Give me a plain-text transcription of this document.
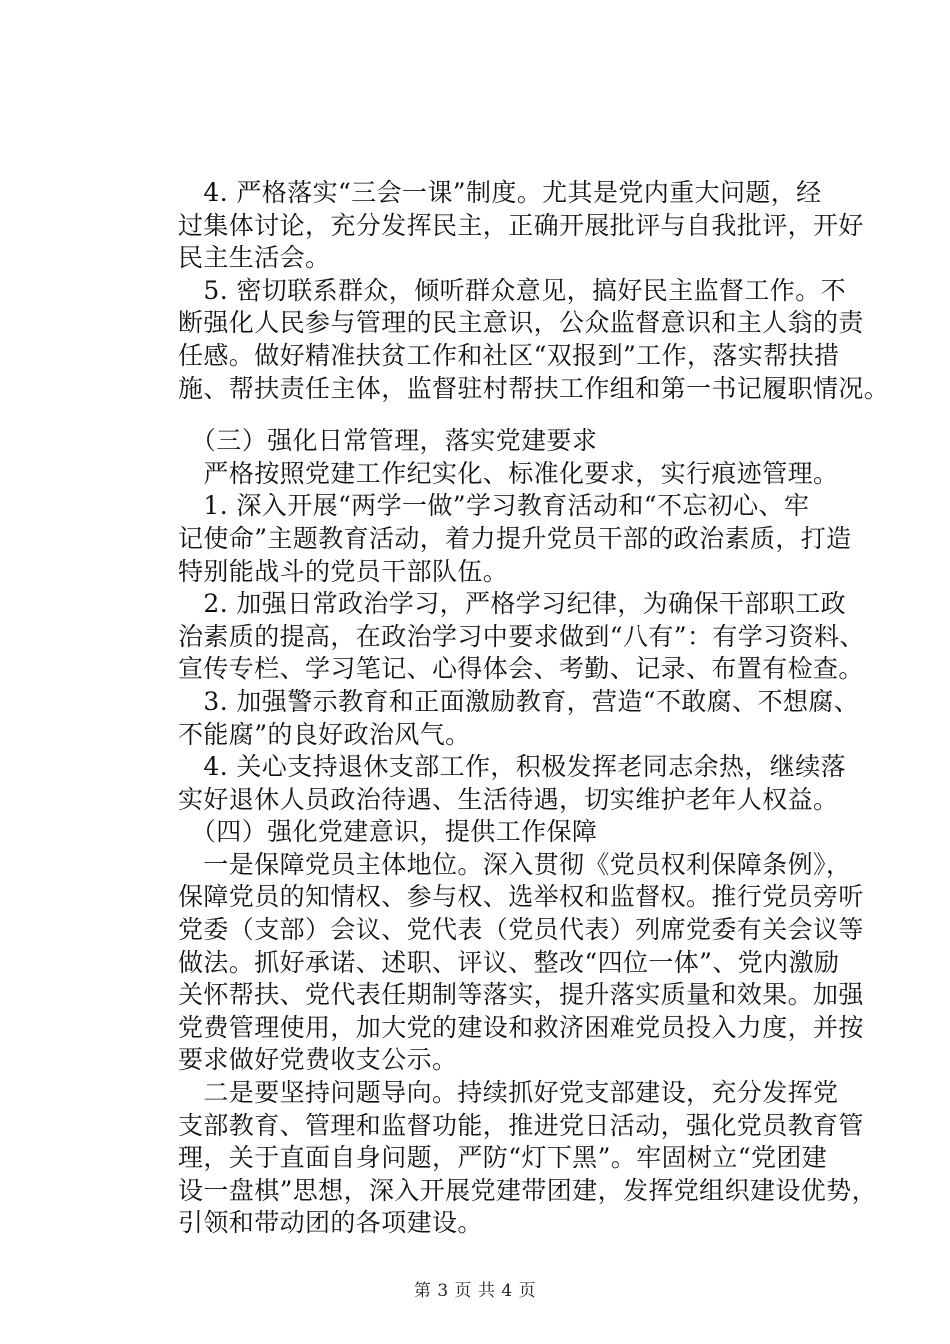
　4. 严格落实“三会一课”制度。尤其是党内重大问题，经
过集体讨论，充分发挥民主，正确开展批评与自我批评，开好
民主生活会。
　5. 密切联系群众，倾听群众意见，搞好民主监督工作。不
断强化人民参与管理的民主意识，公众监督意识和主人翁的责
任感。做好精准扶贫工作和社区“双报到”工作，落实帮扶措
施、帮扶责任主体，监督驻村帮扶工作组和第一书记履职情况。
　（三）强化日常管理，落实党建要求
　严格按照党建工作纪实化、标准化要求，实行痕迹管理。
　1. 深入开展“两学一做”学习教育活动和“不忘初心、牢
记使命”主题教育活动，着力提升党员干部的政治素质，打造
特别能战斗的党员干部队伍。
　2. 加强日常政治学习，严格学习纪律，为确保干部职工政
治素质的提高，在政治学习中要求做到“八有”：有学习资料、
宣传专栏、学习笔记、心得体会、考勤、记录、布置有检查。
　3. 加强警示教育和正面激励教育，营造“不敢腐、不想腐、
不能腐”的良好政治风气。
　4. 关心支持退休支部工作，积极发挥老同志余热，继续落
实好退休人员政治待遇、生活待遇，切实维护老年人权益。
　（四）强化党建意识，提供工作保障
　一是保障党员主体地位。深入贯彻《党员权利保障条例》，
保障党员的知情权、参与权、选举权和监督权。推行党员旁听
党委（支部）会议、党代表（党员代表）列席党委有关会议等
做法。抓好承诺、述职、评议、整改“四位一体”、党内激励
关怀帮扶、党代表任期制等落实，提升落实质量和效果。加强
党费管理使用，加大党的建设和救济困难党员投入力度，并按
要求做好党费收支公示。
　二是要坚持问题导向。持续抓好党支部建设，充分发挥党
支部教育、管理和监督功能，推进党日活动，强化党员教育管
理，关于直面自身问题，严防“灯下黑”。牢固树立“党团建
设一盘棋”思想，深入开展党建带团建，发挥党组织建设优势，
引领和带动团的各项建设。
第 3 页 共 4 页
